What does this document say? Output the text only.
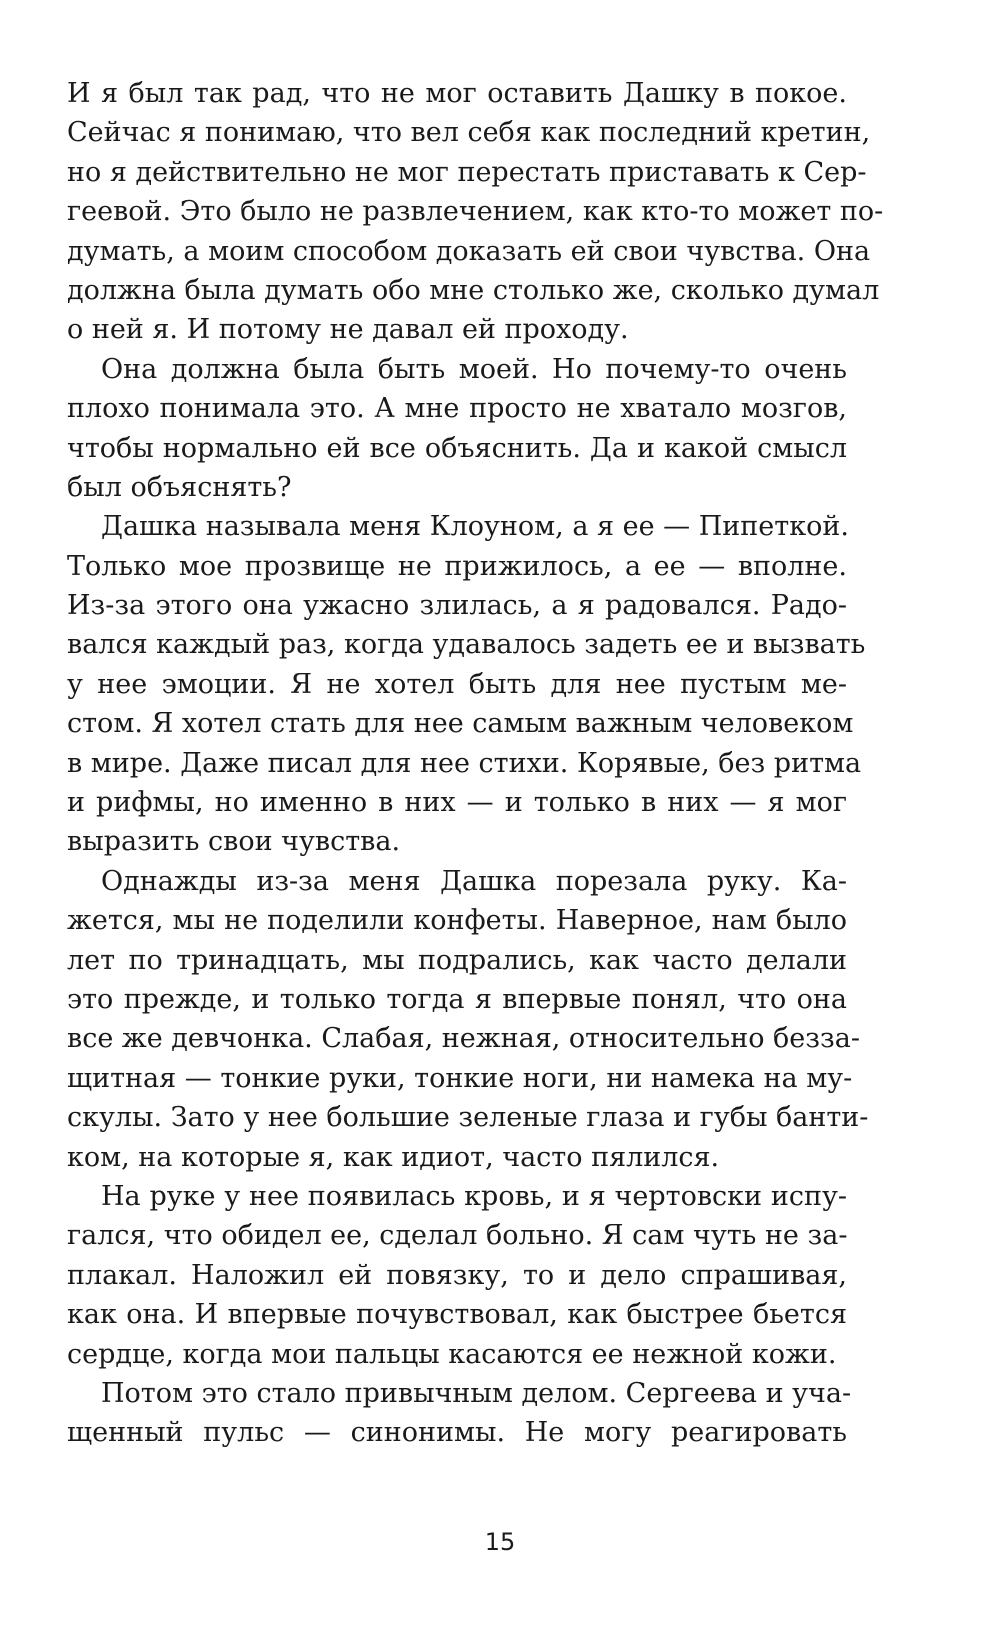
И я был так рад, что не мог оставить Дашку в покое.
Сейчас я понимаю, что вел себя как последний кретин,
но я действительно не мог перестать приставать к Сер-
геевой. Это было не развлечением, как кто-то может по-
думать, а моим способом доказать ей свои чувства. Она
должна была думать обо мне столько же, сколько думал
о ней я. И потому не давал ей проходу.
Она должна была быть моей. Но почему-то очень
плохо понимала это. А мне просто не хватало мозгов,
чтобы нормально ей все объяснить. Да и какой смысл
был объяснять?
Дашка называла меня Клоуном, а я ее — Пипеткой.
Только мое прозвище не прижилось, а ее — вполне.
Из-за этого она ужасно злилась, а я радовался. Радо-
вался каждый раз, когда удавалось задеть ее и вызвать
у нее эмоции. Я не хотел быть для нее пустым ме-
стом. Я хотел стать для нее самым важным человеком
в мире. Даже писал для нее стихи. Корявые, без ритма
и рифмы, но именно в них — и только в них — я мог
выразить свои чувства.
Однажды из-за меня Дашка порезала руку. Ка-
жется, мы не поделили конфеты. Наверное, нам было
лет по тринадцать, мы подрались, как часто делали
это прежде, и только тогда я впервые понял, что она
все же девчонка. Слабая, нежная, относительно безза-
щитная — тонкие руки, тонкие ноги, ни намека на му-
скулы. Зато у нее большие зеленые глаза и губы банти-
ком, на которые я, как идиот, часто пялился.
На руке у нее появилась кровь, и я чертовски испу-
гался, что обидел ее, сделал больно. Я сам чуть не за-
плакал. Наложил ей повязку, то и дело спрашивая,
как она. И впервые почувствовал, как быстрее бьется
сердце, когда мои пальцы касаются ее нежной кожи.
Потом это стало привычным делом. Сергеева и уча-
щенный пульс — синонимы. Не могу реагировать
15
